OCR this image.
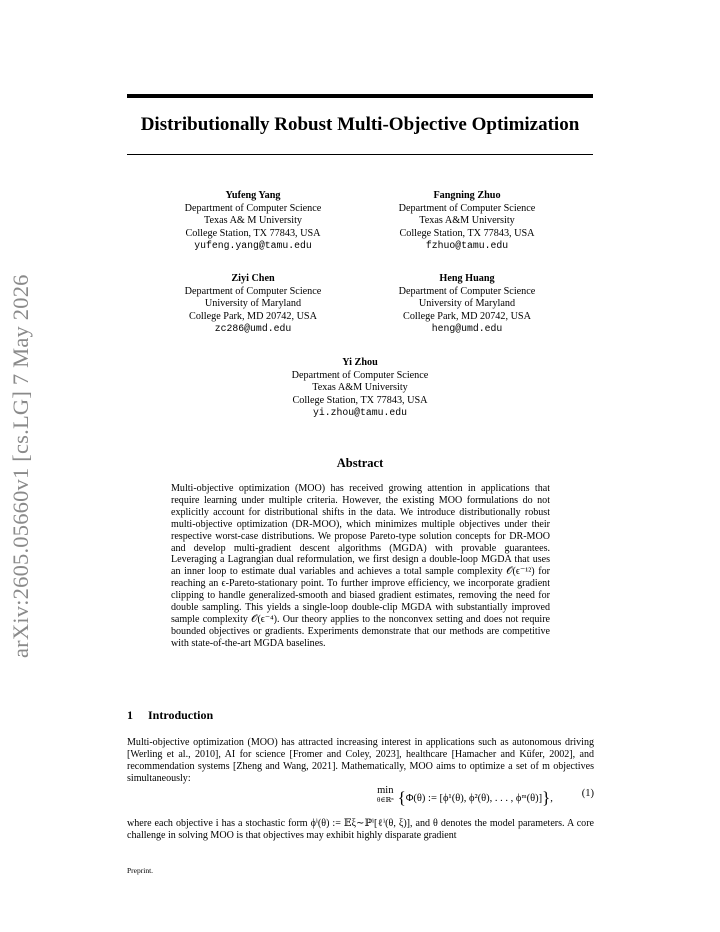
arXiv:2605.05660v1 [cs.LG] 7 May 2026
Distributionally Robust Multi-Objective Optimization
Yufeng Yang
Department of Computer Science
Texas A& M University
College Station, TX 77843, USA
yufeng.yang@tamu.edu
Fangning Zhuo
Department of Computer Science
Texas A&M University
College Station, TX 77843, USA
fzhuo@tamu.edu
Ziyi Chen
Department of Computer Science
University of Maryland
College Park, MD 20742, USA
zc286@umd.edu
Heng Huang
Department of Computer Science
University of Maryland
College Park, MD 20742, USA
heng@umd.edu
Yi Zhou
Department of Computer Science
Texas A&M University
College Station, TX 77843, USA
yi.zhou@tamu.edu
Abstract
Multi-objective optimization (MOO) has received growing attention in applications that require learning under multiple criteria. However, the existing MOO formulations do not explicitly account for distributional shifts in the data. We introduce distributionally robust multi-objective optimization (DR-MOO), which minimizes multiple objectives under their respective worst-case distributions. We propose Pareto-type solution concepts for DR-MOO and develop multi-gradient descent algorithms (MGDA) with provable guarantees. Leveraging a Lagrangian dual reformulation, we first design a double-loop MGDA that uses an inner loop to estimate dual variables and achieves a total sample complexity 𝒪(ϵ⁻¹²) for reaching an ϵ-Pareto-stationary point. To further improve efficiency, we incorporate gradient clipping to handle generalized-smooth and biased gradient estimates, removing the need for double sampling. This yields a single-loop double-clip MGDA with substantially improved sample complexity 𝒪(ϵ⁻⁴). Our theory applies to the nonconvex setting and does not require bounded objectives or gradients. Experiments demonstrate that our methods are competitive with state-of-the-art MGDA baselines.
1 Introduction
Multi-objective optimization (MOO) has attracted increasing interest in applications such as autonomous driving [Werling et al., 2010], AI for science [Fromer and Coley, 2023], healthcare [Hamacher and Küfer, 2002], and recommendation systems [Zheng and Wang, 2021]. Mathematically, MOO aims to optimize a set of m objectives simultaneously:
min
θ∈ℝⁿ {Φ(θ) := [ϕ¹(θ), ϕ²(θ), . . . , ϕᵐ(θ)]},	(1)
where each objective i has a stochastic form ϕⁱ(θ) := 𝔼ξ∼ℙⁱ[ℓⁱ(θ, ξ)], and θ denotes the model parameters. A core challenge in solving MOO is that objectives may exhibit highly disparate gradient
Preprint.
